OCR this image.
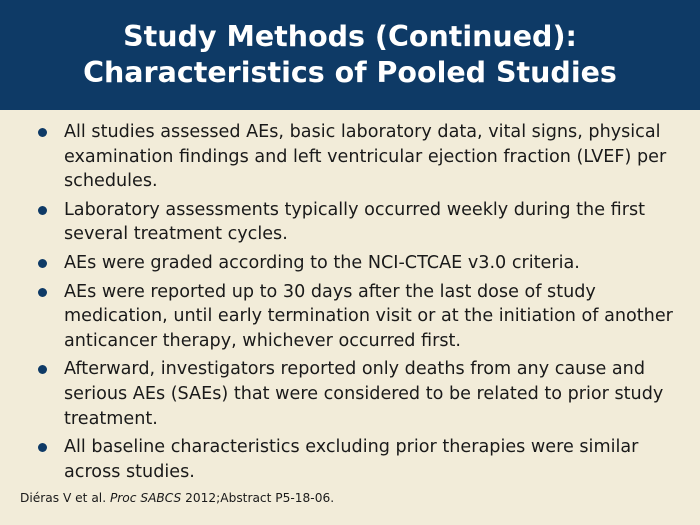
Study Methods (Continued):
Characteristics of Pooled Studies
All studies assessed AEs, basic laboratory data, vital signs, physical examination findings and left ventricular ejection fraction (LVEF) per schedules.
Laboratory assessments typically occurred weekly during the first several treatment cycles.
AEs were graded according to the NCI-CTCAE v3.0 criteria.
AEs were reported up to 30 days after the last dose of study medication, until early termination visit or at the initiation of another anticancer therapy, whichever occurred first.
Afterward, investigators reported only deaths from any cause and serious AEs (SAEs) that were considered to be related to prior study treatment.
All baseline characteristics excluding prior therapies were similar across studies.
Diéras V et al. Proc SABCS 2012;Abstract P5-18-06.
